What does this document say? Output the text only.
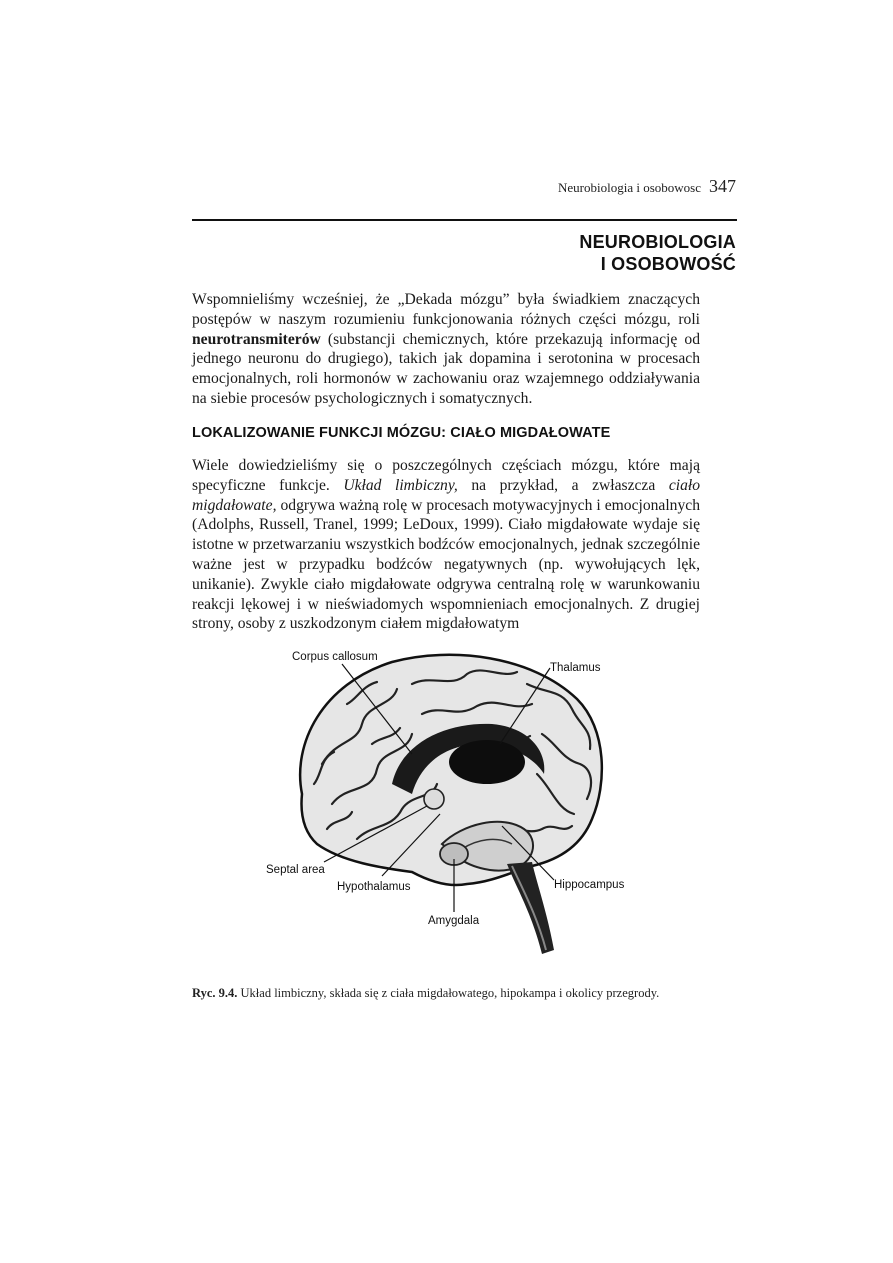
Neurobiologia i osobowosc 347
NEUROBIOLOGIA
I OSOBOWOŚĆ

Wspomnieliśmy wcześniej, że „Dekada mózgu” była świadkiem znaczących postępów w naszym rozumieniu funkcjonowania różnych części mózgu, roli neurotransmiterów (substancji chemicznych, które przekazują informację od jednego neuronu do drugiego), takich jak dopamina i serotonina w procesach emocjonalnych, roli hormonów w zachowaniu oraz wzajemnego oddziaływania na siebie procesów psychologicznych i somatycznych.

LOKALIZOWANIE FUNKCJI MÓZGU: CIAŁO MIGDAŁOWATE

Wiele dowiedzieliśmy się o poszczególnych częściach mózgu, które mają specyficzne funkcje. Układ limbiczny, na przykład, a zwłaszcza ciało migdałowate, odgrywa ważną rolę w procesach motywacyjnych i emocjonalnych (Adolphs, Russell, Tranel, 1999; LeDoux, 1999). Ciało migdałowate wydaje się istotne w przetwarzaniu wszystkich bodźców emocjonalnych, jednak szczególnie ważne jest w przypadku bodźców negatywnych (np. wywołujących lęk, unikanie). Zwykle ciało migdałowate odgrywa centralną rolę w warunkowaniu reakcji lękowej i w nieświadomych wspomnieniach emocjonalnych. Z drugiej strony, osoby z uszkodzonym ciałem migdałowatym

Corpus callosum
Thalamus
Septal area
Hypothalamus	Hippocampus
Amygdala
Ryc. 9.4. Układ limbiczny, składa się z ciała migdałowatego, hipokampa i okolicy przegrody.
